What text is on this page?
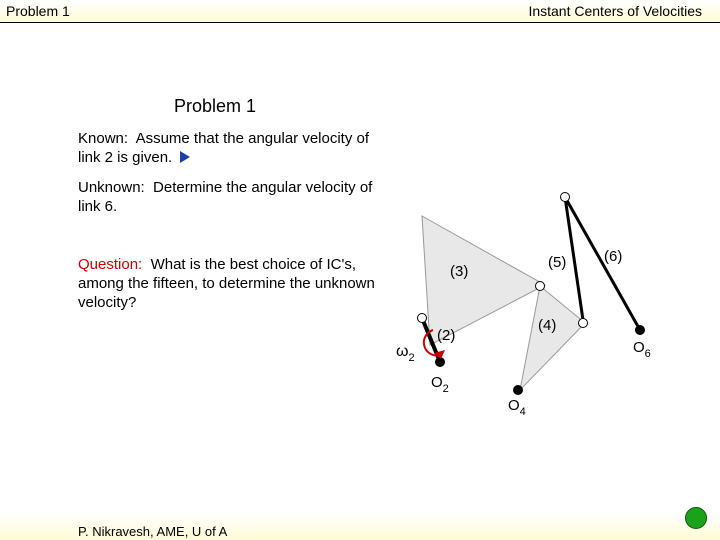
Problem 1	Instant Centers of Velocities
Problem 1
Known: Assume that the angular velocity of link 2 is given.
Unknown: Determine the angular velocity of link 6.
Question: What is the best choice of IC's, among the fifteen, to determine the unknown velocity?
(2)
(3)
(4)
(5)	(6)
$\omega_2$
$O_2$
$O_4$
$O_6$
P. Nikravesh, AME, U of A
